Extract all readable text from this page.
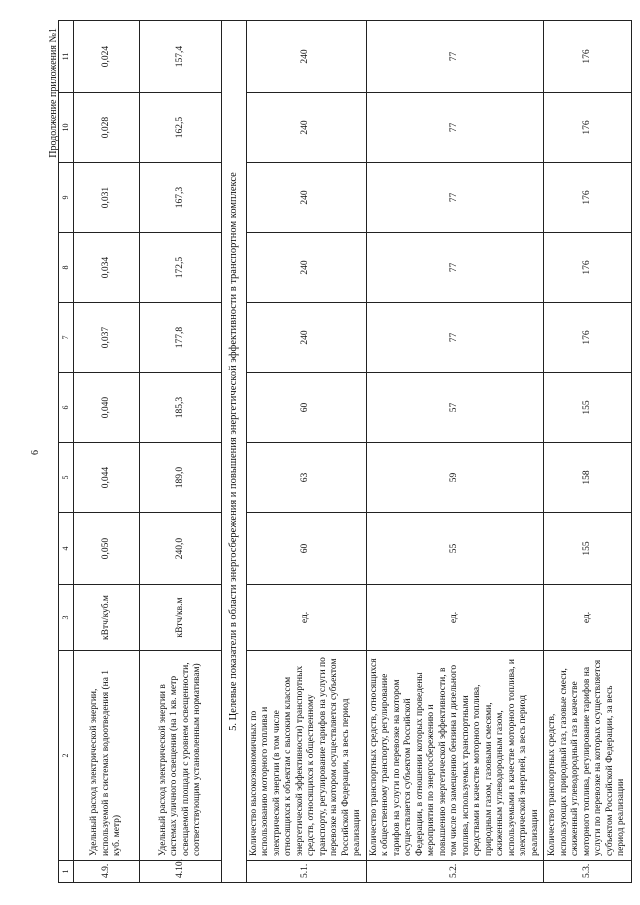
6
Продолжение приложения №1
1	2	3	4	5	6	7	8	9	10	11
4.9.	Удельный расход электрической энергии, используемой в системах водоотведения (на 1 куб. метр)	кВтч/куб.м	0,050	0,044	0,040	0,037	0,034	0,031	0,028	0,024
4.10.	Удельный расход электрической энергии в системах уличного освещения (на 1 кв. метр освещаемой площади с уровнем освещенности, соответствующим установленным нормативам)	кВтч/кв.м	240,0	189,0	185,3	177,8	172,5	167,3	162,5	157,4
5. Целевые показатели в области энергосбережения и повышения энергетической эффективности в транспортном комплексе										
5.1.	Количество высокоэкономичных по использованию моторного топлива и электрической энергии (в том числе относящихся к объектам с высоким классом энергетической эффективности) транспортных средств, относящихся к общественному транспорту, регулирование тарифов на услуги по перевозке на котором осуществляется субъектом Российской Федерации, за весь период реализации	ед.	60	63	60	240	240	240	240	240
5.2.	Количество транспортных средств, относящихся к общественному транспорту, регулирование тарифов на услуги по перевозке на котором осуществляется субъектом Российской Федерации, в отношении которых проведены мероприятия по энергосбережению и повышению энергетической эффективности, в том числе по замещению бензина и дизельного топлива, используемых транспортными средствами в качестве моторного топлива, природным газом, газовыми смесями, сжиженным углеводородным газом, используемыми в качестве моторного топлива, и электрической энергией, за весь период реализации	ед.	55	59	57	77	77	77	77	77
5.3.	Количество транспортных средств, использующих природный газ, газовые смеси, сжиженный углеводородный газ в качестве моторного топлива, регулирование тарифов на услуги по перевозке на которых осуществляется субъектом Российской Федерации, за весь период реализации	ед.	155	158	155	176	176	176	176	176
